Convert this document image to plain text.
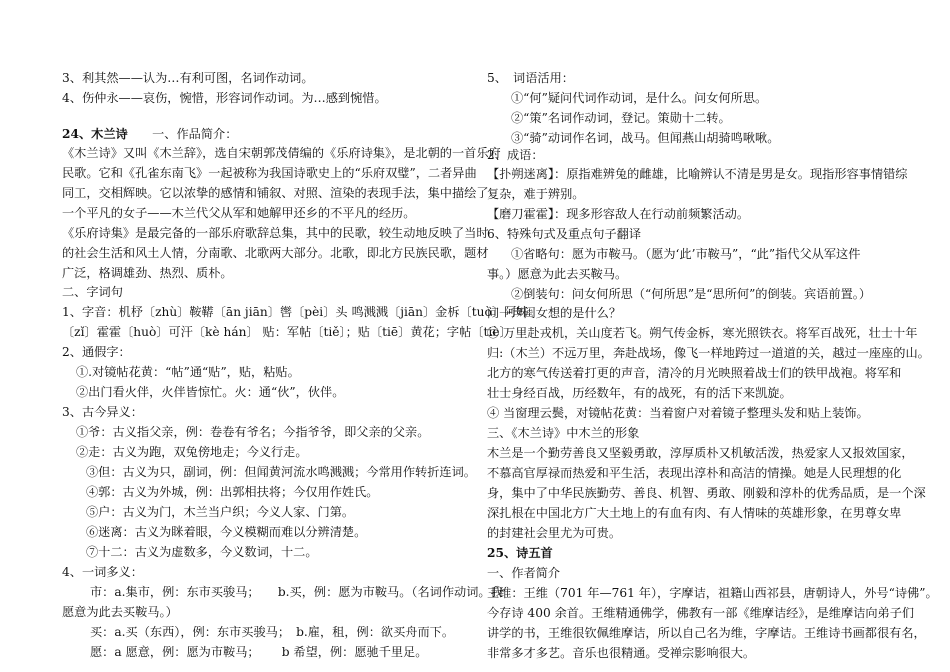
3、利其然——认为…有利可图，名词作动词。
4、伤仲永——哀伤，惋惜，形容词作动词。为…感到惋惜。
24、木兰诗　　一、作品简介：
《木兰诗》又叫《木兰辞》，选自宋朝郭茂倩编的《乐府诗集》，是北朝的一首乐府
民歌。它和《孔雀东南飞》一起被称为我国诗歌史上的“乐府双璧”，二者异曲
同工，交相辉映。它以浓挚的感情和铺叙、对照、渲染的表现手法，集中描绘了
一个平凡的女子——木兰代父从军和她解甲还乡的不平凡的经历。
《乐府诗集》是最完备的一部乐府歌辞总集，其中的民歌，较生动地反映了当时
的社会生活和风土人情，分南歌、北歌两大部分。北歌，即北方民族民歌，题材
广泛，格调雄劲、热烈、质朴。
二、字词句
1、字音：机杼〔zhù〕鞍鞯〔ān jiān〕辔〔pèi〕头 鸣溅溅〔jiān〕金柝〔tuò〕阿姊
〔zǐ〕霍霍〔huò〕可汗〔kè hán〕 贴：军帖〔tiě〕；贴〔tiē〕黄花；字帖〔tiè〕
2、通假字：
①.对镜帖花黄：“帖”通“贴”，贴，粘贴。
②出门看火伴，火伴皆惊忙。火：通“伙”，伙伴。
3、古今异义：
①爷：古义指父亲，例：卷卷有爷名；今指爷爷，即父亲的父亲。
②走：古义为跑，双兔傍地走；今义行走。
③但：古义为只，副词，例：但闻黄河流水鸣溅溅；今常用作转折连词。
④郭：古义为外城，例：出郭相扶将；今仅用作姓氏。
⑤户：古义为门，木兰当户织；今义人家、门第。
⑥迷离：古义为眯着眼，今义模糊而难以分辨清楚。
⑦十二：古义为虚数多，今义数词，十二。
4、一词多义：
市：a.集市，例：东市买骏马；　　b.买，例：愿为市鞍马。（名词作动词。我
愿意为此去买鞍马。）
买：a.买（东西），例：东市买骏马；　b.雇，租，例：欲买舟而下。
愿：a 愿意，例：愿为市鞍马；　　 b 希望，例：愿驰千里足。
5、　词语活用：
①“何”疑问代词作动词，是什么。问女何所思。
②“策”名词作动词，登记。策勋十二转。
③“骑”动词作名词，战马。但闻燕山胡骑鸣啾啾。
2、成语：
【扑朔迷离】：原指难辨兔的雌雄，比喻辨认不清是男是女。现指形容事情错综
复杂，难于辨别。
【磨刀霍霍】：现多形容敌人在行动前频繁活动。
6、特殊句式及重点句子翻译
①省略句：愿为市鞍马。（愿为‘此’市鞍马”，“此”指代父从军这件
事。）愿意为此去买鞍马。
②倒装句：问女何所思（“何所思”是“思所何”的倒装。宾语前置。）
问一声闺女想的是什么？
③ 万里赴戎机，关山度若飞。朔气传金柝，寒光照铁衣。将军百战死，壮士十年
归:（木兰）不远万里，奔赴战场，像飞一样地跨过一道道的关，越过一座座的山。
北方的寒气传送着打更的声音，清冷的月光映照着战士们的铁甲战袍。将军和
壮士身经百战，历经数年，有的战死，有的活下来凯旋。
④ 当窗理云鬓，对镜帖花黄：当着窗户对着镜子整理头发和贴上装饰。
三、《木兰诗》中木兰的形象
木兰是一个勤劳善良又坚毅勇敢，淳厚质朴又机敏活泼，热爱家人又报效国家，
不慕高官厚禄而热爱和平生活，表现出淳朴和高洁的情操。她是人民理想的化
身，集中了中华民族勤劳、善良、机智、勇敢、刚毅和淳朴的优秀品质，是一个深
深扎根在中国北方广大土地上的有血有肉、有人情味的英雄形象，在男尊女卑
的封建社会里尤为可贵。
25、诗五首
一、作者简介
王维：王维（701 年—761 年），字摩诘，祖籍山西祁县，唐朝诗人，外号“诗佛”。
今存诗 400 余首。王维精通佛学，佛教有一部《维摩诘经》，是维摩诘向弟子们
讲学的书，王维很钦佩维摩诘，所以自己名为维，字摩诘。王维诗书画都很有名，
非常多才多艺。音乐也很精通。受禅宗影响很大。
